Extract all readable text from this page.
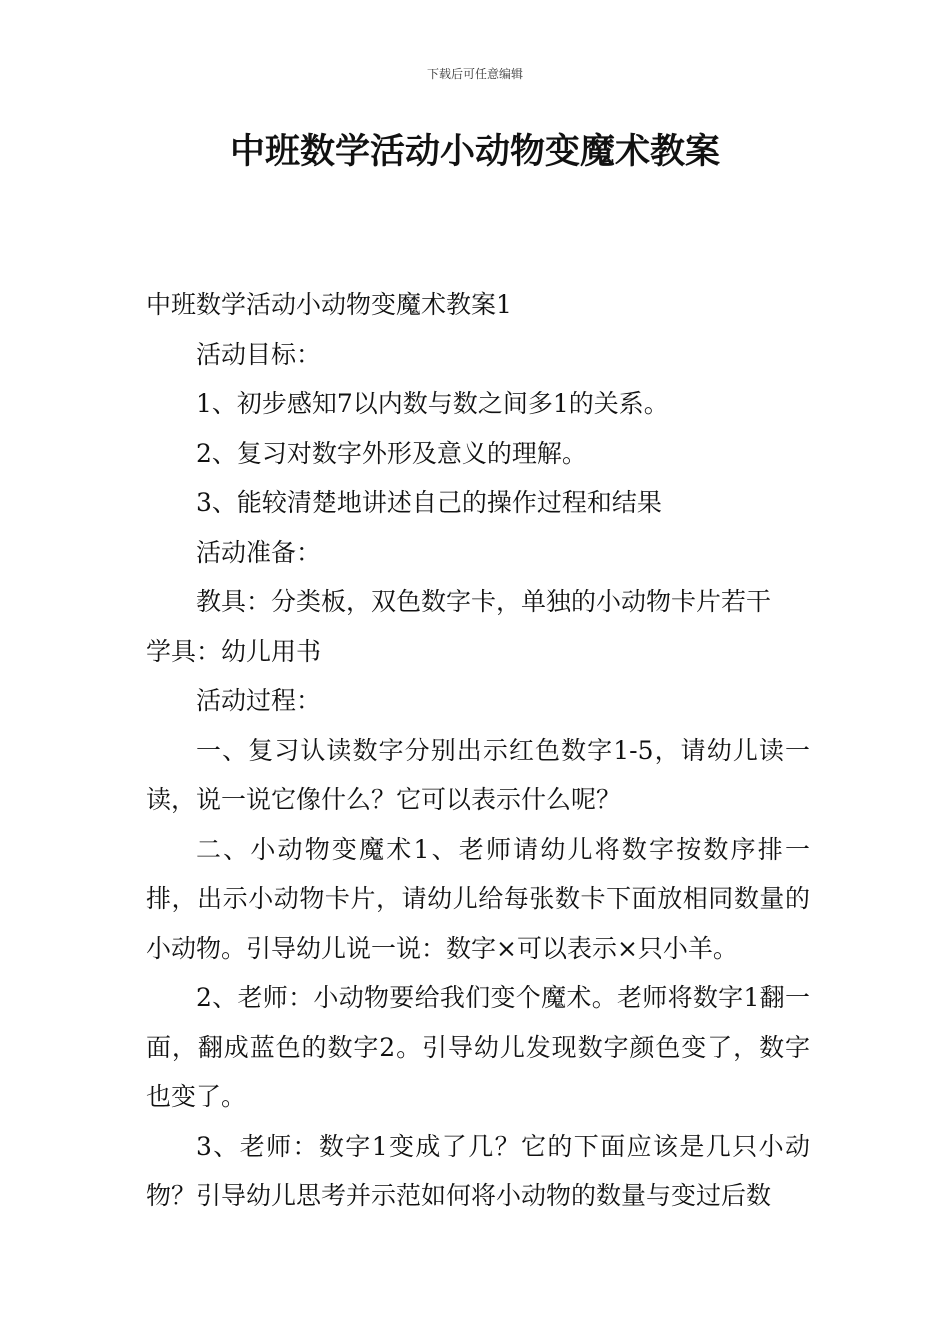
下载后可任意编辑
中班数学活动小动物变魔术教案

中班数学活动小动物变魔术教案1

活动目标：

1、初步感知7以内数与数之间多1的关系。

2、复习对数字外形及意义的理解。

3、能较清楚地讲述自己的操作过程和结果

活动准备：

教具：分类板，双色数字卡，单独的小动物卡片若干

学具：幼儿用书

活动过程：

一、复习认读数字分别出示红色数字1-5，请幼儿读一读，说一说它像什么？它可以表示什么呢？

二、小动物变魔术1、老师请幼儿将数字按数序排一排，出示小动物卡片，请幼儿给每张数卡下面放相同数量的小动物。引导幼儿说一说：数字×可以表示×只小羊。

2、老师：小动物要给我们变个魔术。老师将数字1翻一面，翻成蓝色的数字2。引导幼儿发现数字颜色变了，数字也变了。

3、老师：数字1变成了几？它的下面应该是几只小动物？引导幼儿思考并示范如何将小动物的数量与变过后数
